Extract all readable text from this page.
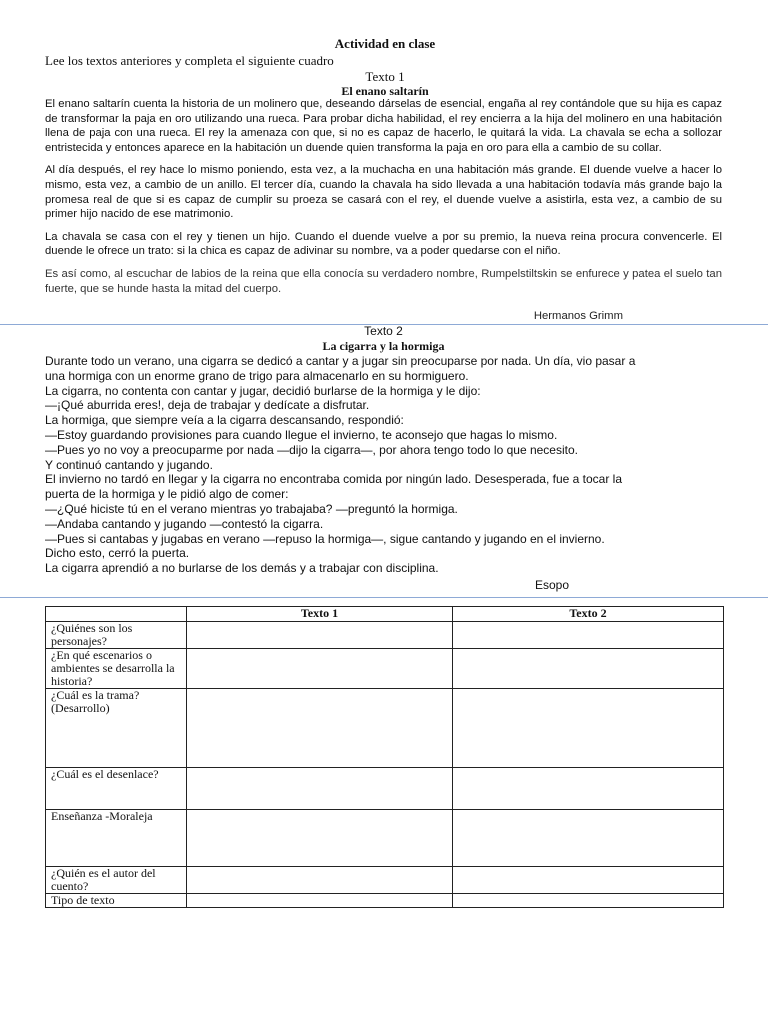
Actividad en clase

Lee los textos anteriores y completa el siguiente cuadro

Texto 1

El enano saltarín

El enano saltarín cuenta la historia de un molinero que, deseando dárselas de esencial, engaña al rey contándole que su hija es capaz de transformar la paja en oro utilizando una rueca. Para probar dicha habilidad, el rey encierra a la hija del molinero en una habitación llena de paja con una rueca. El rey la amenaza con que, si no es capaz de hacerlo, le quitará la vida. La chavala se echa a sollozar entristecida y entonces aparece en la habitación un duende quien transforma la paja en oro para ella a cambio de su collar.

Al día después, el rey hace lo mismo poniendo, esta vez, a la muchacha en una habitación más grande. El duende vuelve a hacer lo mismo, esta vez, a cambio de un anillo. El tercer día, cuando la chavala ha sido llevada a una habitación todavía más grande bajo la promesa real de que si es capaz de cumplir su proeza se casará con el rey, el duende vuelve a asistirla, esta vez, a cambio de su primer hijo nacido de ese matrimonio.

La chavala se casa con el rey y tienen un hijo. Cuando el duende vuelve a por su premio, la nueva reina procura convencerle. El duende le ofrece un trato: si la chica es capaz de adivinar su nombre, va a poder quedarse con el niño.

Es así como, al escuchar de labios de la reina que ella conocía su verdadero nombre, Rumpelstiltskin se enfurece y patea el suelo tan fuerte, que se hunde hasta la mitad del cuerpo.

Hermanos Grimm
Texto 2
La cigarra y la hormiga
Durante todo un verano, una cigarra se dedicó a cantar y a jugar sin preocuparse por nada. Un día, vio pasar a
una hormiga con un enorme grano de trigo para almacenarlo en su hormiguero.
La cigarra, no contenta con cantar y jugar, decidió burlarse de la hormiga y le dijo:
—¡Qué aburrida eres!, deja de trabajar y dedícate a disfrutar.
La hormiga, que siempre veía a la cigarra descansando, respondió:
—Estoy guardando provisiones para cuando llegue el invierno, te aconsejo que hagas lo mismo.
—Pues yo no voy a preocuparme por nada —dijo la cigarra—, por ahora tengo todo lo que necesito.
Y continuó cantando y jugando.
El invierno no tardó en llegar y la cigarra no encontraba comida por ningún lado. Desesperada, fue a tocar la
puerta de la hormiga y le pidió algo de comer:
—¿Qué hiciste tú en el verano mientras yo trabajaba? —preguntó la hormiga.
—Andaba cantando y jugando —contestó la cigarra.
—Pues si cantabas y jugabas en verano —repuso la hormiga—, sigue cantando y jugando en el invierno.
Dicho esto, cerró la puerta.
La cigarra aprendió a no burlarse de los demás y a trabajar con disciplina.
Esopo
	Texto 1	Texto 2
¿Quiénes son los personajes?		
¿En qué escenarios o ambientes se desarrolla la historia?		
¿Cuál es la trama? (Desarrollo)		
¿Cuál es el desenlace?		
Enseñanza -Moraleja		
¿Quién es el autor del cuento?		
Tipo de texto		
